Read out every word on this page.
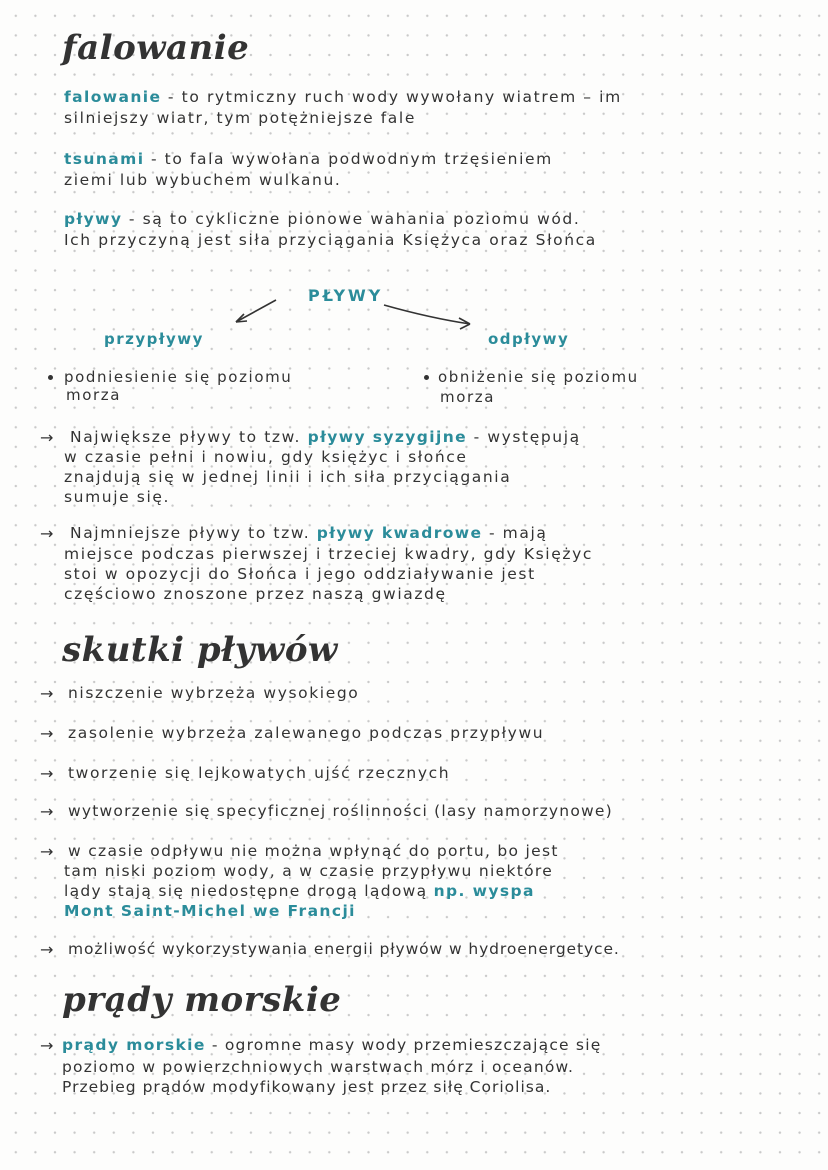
falowanie
falowanie - to rytmiczny ruch wody wywołany wiatrem – im
silniejszy wiatr, tym potężniejsze fale
tsunami - to fala wywołana podwodnym trzęsieniem
ziemi lub wybuchem wulkanu.
pływy - są to cykliczne pionowe wahania poziomu wód.
Ich przyczyną jest siła przyciągania Księżyca oraz Słońca
PŁYWY
przypływy	odpływy
podniesienie się poziomu
morza
obniżenie się poziomu
morza
→ Największe pływy to tzw. pływy syzygijne - występują
w czasie pełni i nowiu, gdy księżyc i słońce
znajdują się w jednej linii i ich siła przyciągania
sumuje się.
→ Najmniejsze pływy to tzw. pływy kwadrowe - mają
miejsce podczas pierwszej i trzeciej kwadry, gdy Księżyc
stoi w opozycji do Słońca i jego oddziaływanie jest
częściowo znoszone przez naszą gwiazdę
skutki pływów
→ niszczenie wybrzeża wysokiego
→ zasolenie wybrzeża zalewanego podczas przypływu
→ tworzenie się lejkowatych ujść rzecznych
→ wytworzenie się specyficznej roślinności (lasy namorzynowe)
→ w czasie odpływu nie można wpłynąć do portu, bo jest
tam niski poziom wody, a w czasie przypływu niektóre
lądy stają się niedostępne drogą lądową np. wyspa
Mont Saint-Michel we Francji
→ możliwość wykorzystywania energii pływów w hydroenergetyce.
prądy morskie
→ prądy morskie - ogromne masy wody przemieszczające się
poziomo w powierzchniowych warstwach mórz i oceanów.
Przebieg prądów modyfikowany jest przez siłę Coriolisa.
